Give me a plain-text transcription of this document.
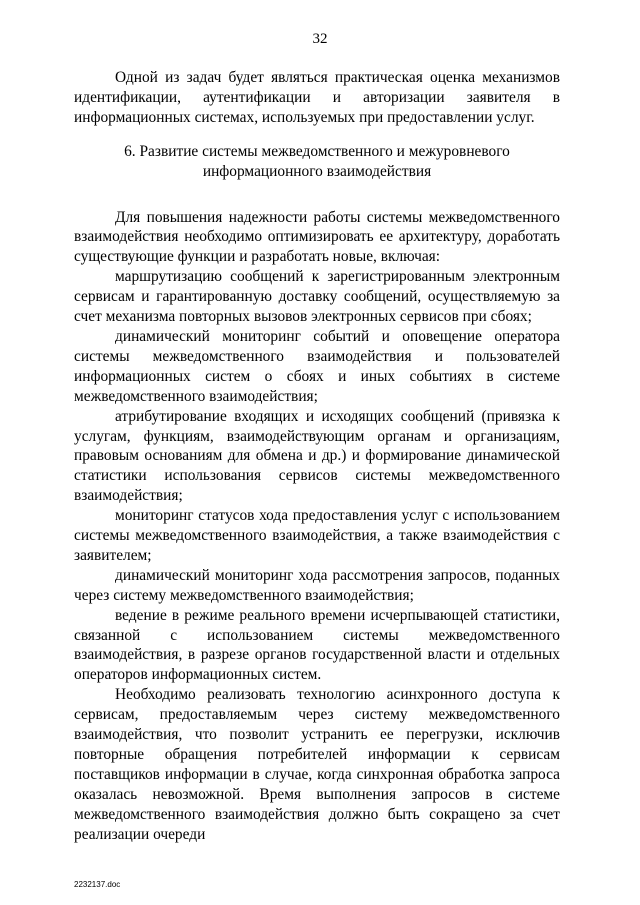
32

Одной из задач будет являться практическая оценка механизмов идентификации, аутентификации и авторизации заявителя в информационных системах, используемых при предоставлении услуг.

6. Развитие системы межведомственного и межуровневого
информационного взаимодействия

Для повышения надежности работы системы межведомственного взаимодействия необходимо оптимизировать ее архитектуру, доработать существующие функции и разработать новые, включая:

маршрутизацию сообщений к зарегистрированным электронным сервисам и гарантированную доставку сообщений, осуществляемую за счет механизма повторных вызовов электронных сервисов при сбоях;

динамический мониторинг событий и оповещение оператора системы межведомственного взаимодействия и пользователей информационных систем о сбоях и иных событиях в системе межведомственного взаимодействия;

атрибутирование входящих и исходящих сообщений (привязка к услугам, функциям, взаимодействующим органам и организациям, правовым основаниям для обмена и др.) и формирование динамической статистики использования сервисов системы межведомственного взаимодействия;

мониторинг статусов хода предоставления услуг с использованием системы межведомственного взаимодействия, а также взаимодействия с заявителем;

динамический мониторинг хода рассмотрения запросов, поданных через систему межведомственного взаимодействия;

ведение в режиме реального времени исчерпывающей статистики, связанной с использованием системы межведомственного взаимодействия, в разрезе органов государственной власти и отдельных операторов информационных систем.

Необходимо реализовать технологию асинхронного доступа к сервисам, предоставляемым через систему межведомственного взаимодействия, что позволит устранить ее перегрузки, исключив повторные обращения потребителей информации к сервисам поставщиков информации в случае, когда синхронная обработка запроса оказалась невозможной. Время выполнения запросов в системе межведомственного взаимодействия должно быть сокращено за счет реализации очереди

2232137.doc
